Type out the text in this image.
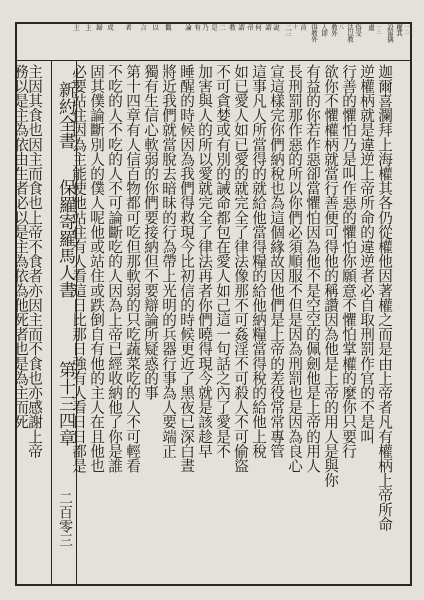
權其 一二
設甯擒
盧 一三
俗受
法以教
教外 八
人即
得教外
首
二三 十
說
謂
何
帚
謂
教
二
是
乃
有
論
觀
以
言
者
成
歸
主
主
新約全書
保羅寄羅馬人書
第十三四章
二百零三	迦爾喜瀾拜上海權其各仍從權他因著權之而是由上帝者凡有權柄上帝所命
逆權柄就是違逆上帝所命的違逆者必自取刑罰作官的不是叫
行善的懼怕乃是叫作惡的懼怕你願意不懼怕掌權的麼你只要行
欲你不懼權柄就當行善便可得他的稱讚因為他是上帝的用人是與你
有益的你若作惡卻當懼怕因為他不是空空的佩劍他是上帝的用人
長刑罰那作惡的所以你們必須順服不但是因為刑罰也是因為良心
宣這樣完你們納稅也為這個緣故因他們是上帝的差役常常專管
這事凡人所當得的就給他當得糧的給他納糧當得稅的給他上稅
如已愛人如已愛的就完全了律法像那不可姦淫不可殺人不可偷盜
不可貪婪或有別的誡命都包在愛人如己這一句話之內了愛是不
加害與人的所以愛就完全了律法再者你們曉得現今就是該趁早
睡醒的時候因為我們得救現今比初信的時候更近了黑夜已深白晝
將近我們就當脫去暗昧的行為帶上光明的兵器行事為人要端正
獨有生信心軟弱的你們要接納但不要辯論所疑惑的事
第十四章有人信百物都可吃但那軟弱的只吃蔬菜吃的人不可輕看
不吃的人不吃的人不可論斷吃的人因為上帝已經收納他了你是誰
固其僕論斷別人的僕人呢他或站住或跌倒自有他的主人在且他也
必要站住因為主能使他站住有人看這日比那日強有人看日日都是
主因其食也因主而食也上帝不食者亦因主而不食也亦感謝上帝
務以是主為依由生者必以是主為依為他死者也是為主而死
